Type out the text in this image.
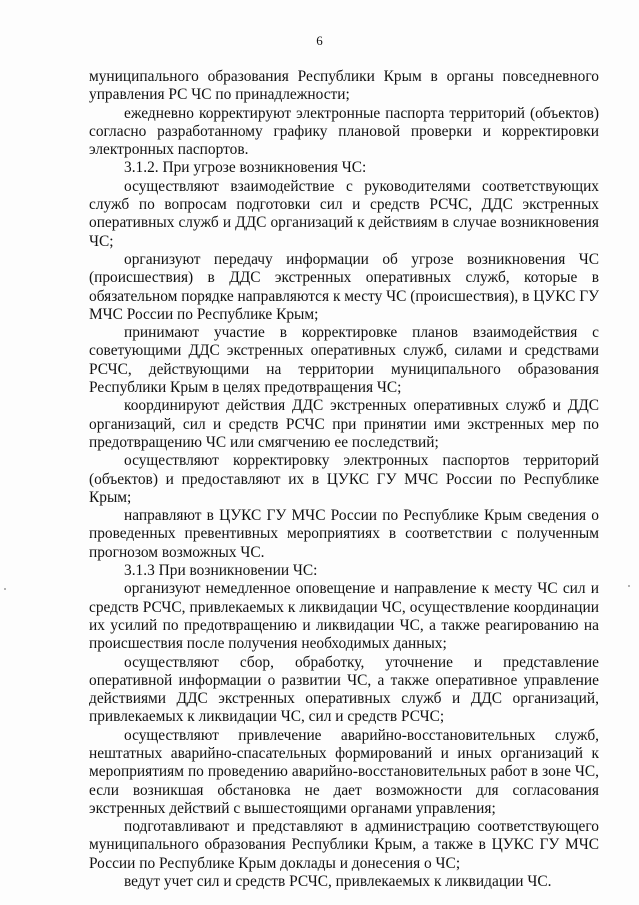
6

муниципального образования Республики Крым в органы повседневного управления РС ЧС по принадлежности;

ежедневно корректируют электронные паспорта территорий (объектов) согласно разработанному графику плановой проверки и корректировки электронных паспортов.

3.1.2. При угрозе возникновения ЧС:

осуществляют взаимодействие с руководителями соответствующих служб по вопросам подготовки сил и средств РСЧС, ДДС экстренных оперативных служб и ДДС организаций к действиям в случае возникновения ЧС;

организуют передачу информации об угрозе возникновения ЧС (происшествия) в ДДС экстренных оперативных служб, которые в обязательном порядке направляются к месту ЧС (происшествия), в ЦУКС ГУ МЧС России по Республике Крым;

принимают участие в корректировке планов взаимодействия с советующими ДДС экстренных оперативных служб, силами и средствами РСЧС, действующими на территории муниципального образования Республики Крым в целях предотвращения ЧС;

координируют действия ДДС экстренных оперативных служб и ДДС организаций, сил и средств РСЧС при принятии ими экстренных мер по предотвращению ЧС или смягчению ее последствий;

осуществляют корректировку электронных паспортов территорий (объектов) и предоставляют их в ЦУКС ГУ МЧС России по Республике Крым;

направляют в ЦУКС ГУ МЧС России по Республике Крым сведения о проведенных превентивных мероприятиях в соответствии с полученным прогнозом возможных ЧС.

3.1.3 При возникновении ЧС:

организуют немедленное оповещение и направление к месту ЧС сил и средств РСЧС, привлекаемых к ликвидации ЧС, осуществление координации их усилий по предотвращению и ликвидации ЧС, а также реагированию на происшествия после получения необходимых данных;

осуществляют сбор, обработку, уточнение и представление оперативной информации о развитии ЧС, а также оперативное управление действиями ДДС экстренных оперативных служб и ДДС организаций, привлекаемых к ликвидации ЧС, сил и средств РСЧС;

осуществляют привлечение аварийно-восстановительных служб, нештатных аварийно-спасательных формирований и иных организаций к мероприятиям по проведению аварийно-восстановительных работ в зоне ЧС, если возникшая обстановка не дает возможности для согласования экстренных действий с вышестоящими органами управления;

подготавливают и представляют в администрацию соответствующего муниципального образования Республики Крым, а также в ЦУКС ГУ МЧС России по Республике Крым доклады и донесения о ЧС;

ведут учет сил и средств РСЧС, привлекаемых к ликвидации ЧС.
